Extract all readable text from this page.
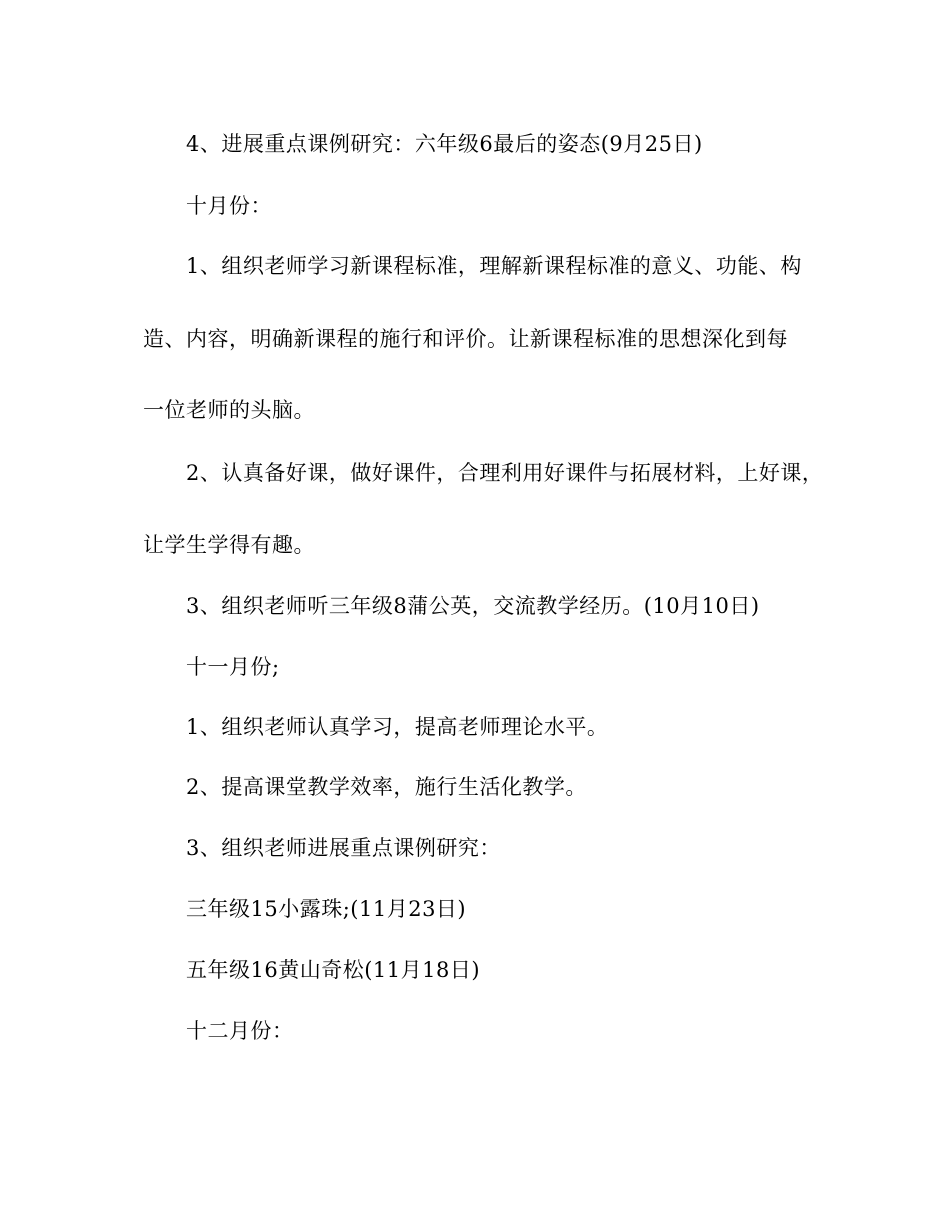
4、进展重点课例研究：六年级6最后的姿态(9月25日)
十月份：
1、组织老师学习新课程标准，理解新课程标准的意义、功能、构
造、内容，明确新课程的施行和评价。让新课程标准的思想深化到每
一位老师的头脑。
2、认真备好课，做好课件，合理利用好课件与拓展材料，上好课，
让学生学得有趣。
3、组织老师听三年级8蒲公英，交流教学经历。(10月10日)
十一月份;
1、组织老师认真学习，提高老师理论水平。
2、提高课堂教学效率，施行生活化教学。
3、组织老师进展重点课例研究：
三年级15小露珠;(11月23日)
五年级16黄山奇松(11月18日)
十二月份：
